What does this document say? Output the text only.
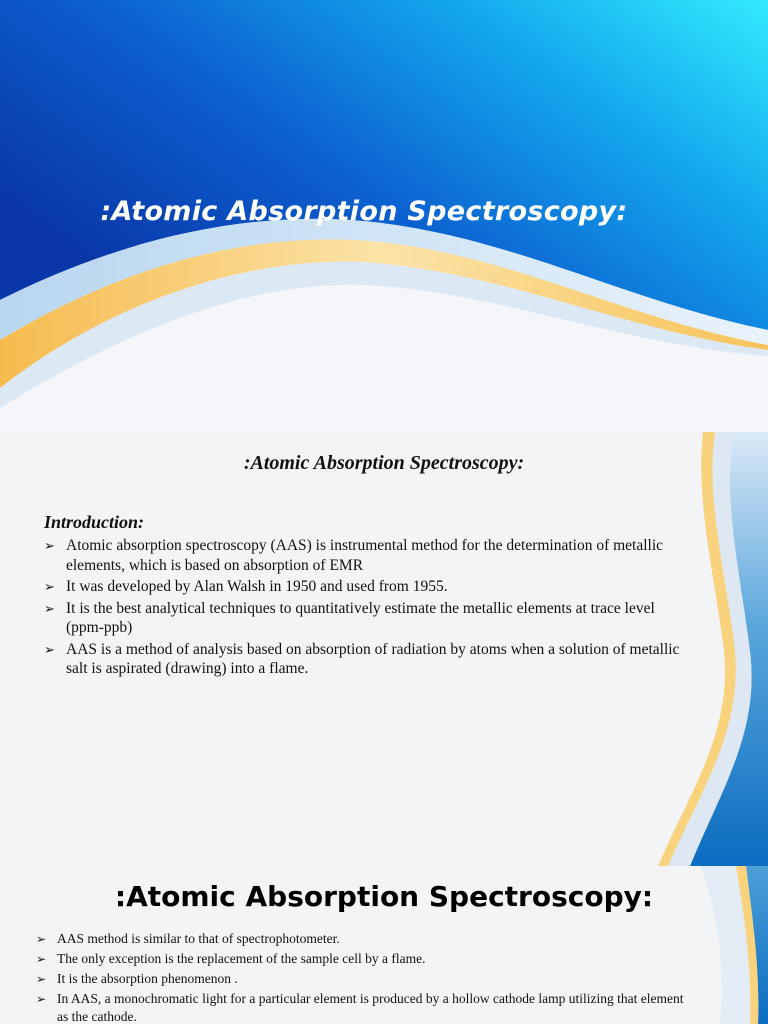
:Atomic Absorption Spectroscopy:
:Atomic Absorption Spectroscopy:
Introduction:
➢ Atomic absorption spectroscopy (AAS) is instrumental method for the determination of metallic elements, which is based on absorption of EMR
➢ It was developed by Alan Walsh in 1950 and used from 1955.
➢ It is the best analytical techniques to quantitatively estimate the metallic elements at trace level (ppm-ppb)
➢ AAS is a method of analysis based on absorption of radiation by atoms when a solution of metallic salt is aspirated (drawing) into a flame.
:Atomic Absorption Spectroscopy:
➢ AAS method is similar to that of spectrophotometer.
➢ The only exception is the replacement of the sample cell by a flame.
➢ It is the absorption phenomenon .
➢ In AAS, a monochromatic light for a particular element is produced by a hollow cathode lamp utilizing that element as the cathode.
